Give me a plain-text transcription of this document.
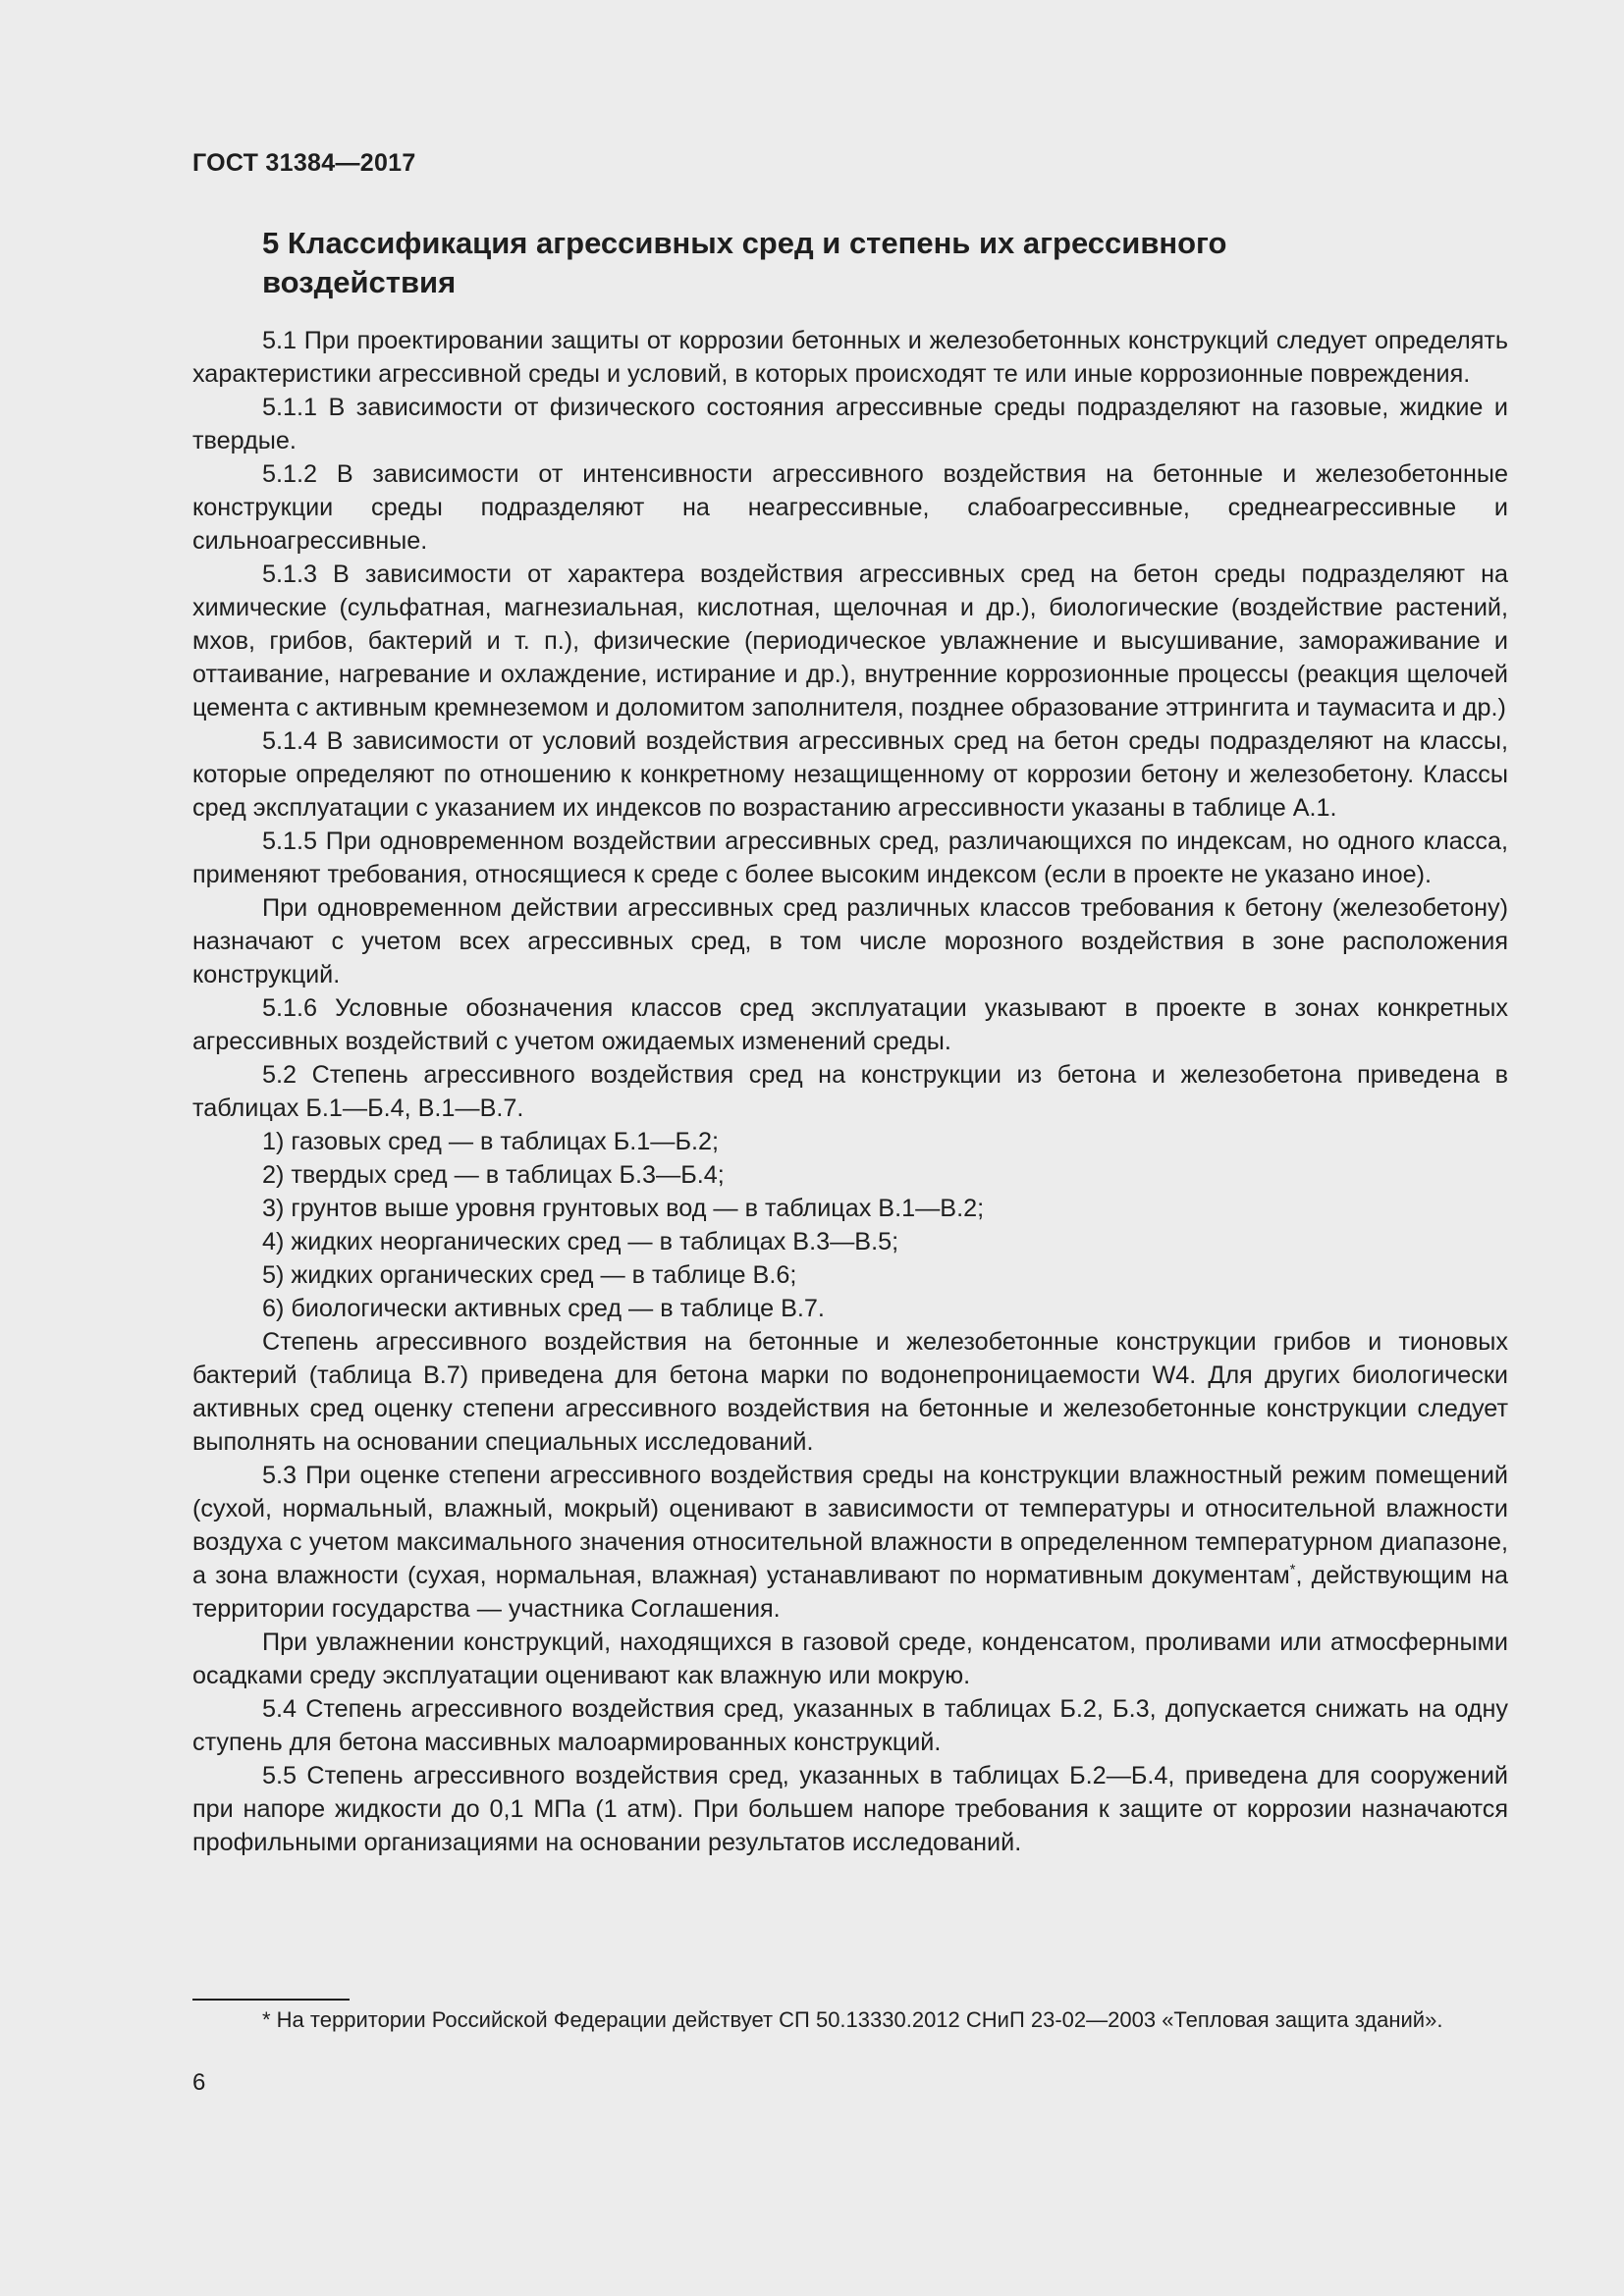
ГОСТ 31384—2017
5 Классификация агрессивных сред и степень их агрессивного воздействия

5.1 При проектировании защиты от коррозии бетонных и железобетонных конструкций следует определять характеристики агрессивной среды и условий, в которых происходят те или иные коррозионные повреждения.

5.1.1 В зависимости от физического состояния агрессивные среды подразделяют на газовые, жидкие и твердые.

5.1.2 В зависимости от интенсивности агрессивного воздействия на бетонные и железобетонные конструкции среды подразделяют на неагрессивные, слабоагрессивные, среднеагрессивные и сильноагрессивные.

5.1.3 В зависимости от характера воздействия агрессивных сред на бетон среды подразделяют на химические (сульфатная, магнезиальная, кислотная, щелочная и др.), биологические (воздействие растений, мхов, грибов, бактерий и т. п.), физические (периодическое увлажнение и высушивание, замораживание и оттаивание, нагревание и охлаждение, истирание и др.), внутренние коррозионные процессы (реакция щелочей цемента с активным кремнеземом и доломитом заполнителя, позднее образование эттрингита и таумасита и др.)

5.1.4 В зависимости от условий воздействия агрессивных сред на бетон среды подразделяют на классы, которые определяют по отношению к конкретному незащищенному от коррозии бетону и железобетону. Классы сред эксплуатации с указанием их индексов по возрастанию агрессивности указаны в таблице А.1.

5.1.5 При одновременном воздействии агрессивных сред, различающихся по индексам, но одного класса, применяют требования, относящиеся к среде с более высоким индексом (если в проекте не указано иное).

При одновременном действии агрессивных сред различных классов требования к бетону (железобетону) назначают с учетом всех агрессивных сред, в том числе морозного воздействия в зоне расположения конструкций.

5.1.6 Условные обозначения классов сред эксплуатации указывают в проекте в зонах конкретных агрессивных воздействий с учетом ожидаемых изменений среды.

5.2 Степень агрессивного воздействия сред на конструкции из бетона и железобетона приведена в таблицах Б.1—Б.4, В.1—В.7.

1) газовых сред — в таблицах Б.1—Б.2;

2) твердых сред — в таблицах Б.3—Б.4;

3) грунтов выше уровня грунтовых вод — в таблицах В.1—В.2;

4) жидких неорганических сред — в таблицах В.3—В.5;

5) жидких органических сред — в таблице В.6;

6) биологически активных сред — в таблице В.7.

Степень агрессивного воздействия на бетонные и железобетонные конструкции грибов и тионовых бактерий (таблица В.7) приведена для бетона марки по водонепроницаемости W4. Для других биологически активных сред оценку степени агрессивного воздействия на бетонные и железобетонные конструкции следует выполнять на основании специальных исследований.

5.3 При оценке степени агрессивного воздействия среды на конструкции влажностный режим помещений (сухой, нормальный, влажный, мокрый) оценивают в зависимости от температуры и относительной влажности воздуха с учетом максимального значения относительной влажности в определенном температурном диапазоне, а зона влажности (сухая, нормальная, влажная) устанавливают по нормативным документам*, действующим на территории государства — участника Соглашения.

При увлажнении конструкций, находящихся в газовой среде, конденсатом, проливами или атмосферными осадками среду эксплуатации оценивают как влажную или мокрую.

5.4 Степень агрессивного воздействия сред, указанных в таблицах Б.2, Б.3, допускается снижать на одну ступень для бетона массивных малоармированных конструкций.

5.5 Степень агрессивного воздействия сред, указанных в таблицах Б.2—Б.4, приведена для сооружений при напоре жидкости до 0,1 МПа (1 атм). При большем напоре требования к защите от коррозии назначаются профильными организациями на основании результатов исследований.

* На территории Российской Федерации действует СП 50.13330.2012 СНиП 23-02—2003 «Тепловая защита зданий».

6
